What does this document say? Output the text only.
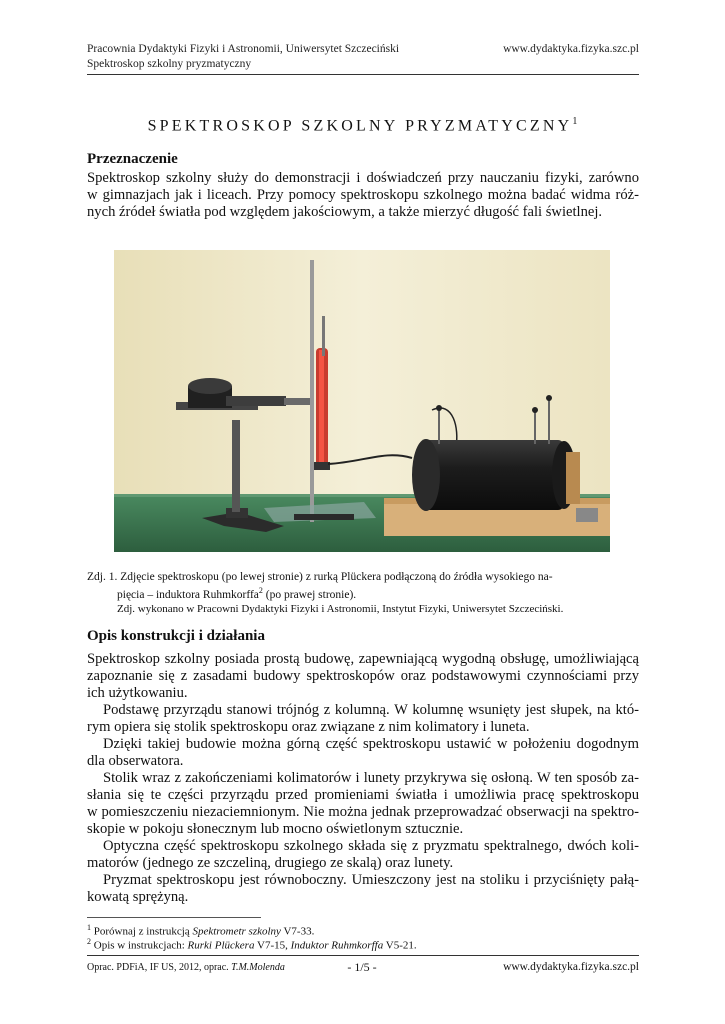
Pracownia Dydaktyki Fizyki i Astronomii, Uniwersytet Szczeciński
Spektroskop szkolny pryzmatyczny
www.dydaktyka.fizyka.szc.pl
SPEKTROSKOP SZKOLNY PRYZMATYCZNY$^1$
Przeznaczenie
Spektroskop szkolny służy do demonstracji i doświadczeń przy nauczaniu fizyki, zarówno
w gimnazjach jak i liceach. Przy pomocy spektroskopu szkolnego można badać widma róż-
nych źródeł światła pod względem jakościowym, a także mierzyć długość fali świetlnej.
Zdj. 1. Zdjęcie spektroskopu (po lewej stronie) z rurką Plückera podłączoną do źródła wysokiego na-
pięcia – induktora Ruhmkorffa$^2$ (po prawej stronie).
Zdj. wykonano w Pracowni Dydaktyki Fizyki i Astronomii, Instytut Fizyki, Uniwersytet Szczeciński.
Opis konstrukcji i działania
Spektroskop szkolny posiada prostą budowę, zapewniającą wygodną obsługę, umożliwiającą
zapoznanie się z zasadami budowy spektroskopów oraz podstawowymi czynnościami przy
ich użytkowaniu.
Podstawę przyrządu stanowi trójnóg z kolumną. W kolumnę wsunięty jest słupek, na któ-
rym opiera się stolik spektroskopu oraz związane z nim kolimatory i luneta.
Dzięki takiej budowie można górną część spektroskopu ustawić w położeniu dogodnym
dla obserwatora.
Stolik wraz z zakończeniami kolimatorów i lunety przykrywa się osłoną. W ten sposób za-
słania się te części przyrządu przed promieniami światła i umożliwia pracę spektroskopu
w pomieszczeniu niezaciemnionym. Nie można jednak przeprowadzać obserwacji na spektro-
skopie w pokoju słonecznym lub mocno oświetlonym sztucznie.
Optyczna część spektroskopu szkolnego składa się z pryzmatu spektralnego, dwóch koli-
matorów (jednego ze szczeliną, drugiego ze skalą) oraz lunety.
Pryzmat spektroskopu jest równoboczny. Umieszczony jest na stoliku i przyciśnięty pałą-
kowatą sprężyną.
$^1$ Porównaj z instrukcją Spektrometr szkolny V7-33.
$^2$ Opis w instrukcjach: Rurki Plückera V7-15, Induktor Ruhmkorffa V5-21.
Oprac. PDFiA, IF US, 2012, oprac. T.M.Molenda	- 1/5 -	www.dydaktyka.fizyka.szc.pl
